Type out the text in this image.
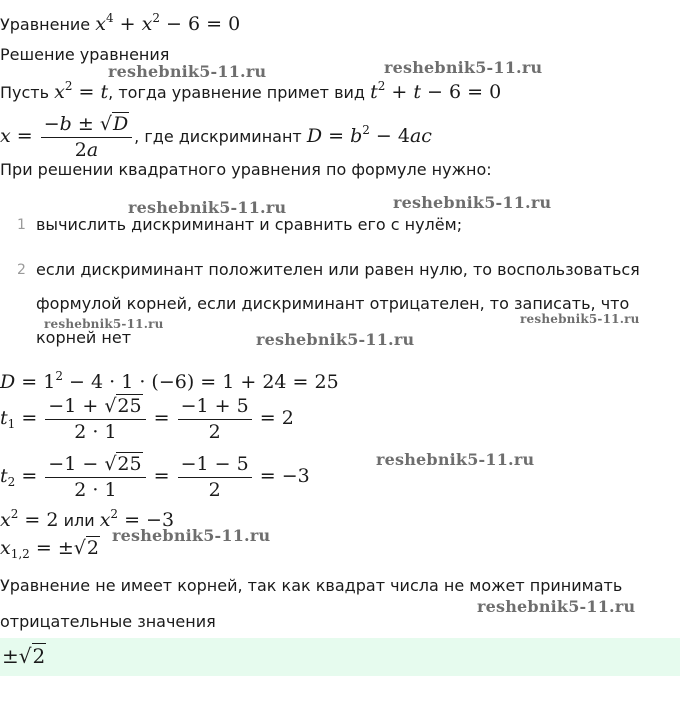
Уравнение $x^4 + x^2 - 6 = 0$
Решение уравнения
Пусть $x^2 = t$, тогда уравнение примет вид $t^2 + t - 6 = 0$
$x = \frac{-b \pm √D}{2a}$ , где дискриминант $D = b^2 - 4ac$
При решении квадратного уравнения по формуле нужно:
1 вычислить дискриминант и сравнить его с нулём;
2 если дискриминант положителен или равен нулю, то воспользоваться
формулой корней, если дискриминант отрицателен, то записать, что
корней нет
$D = 1^2 - 4 \cdot 1 \cdot (-6) = 1 + 24 = 25$
$t_1 = \frac{-1 + √25}{2 \cdot 1} = \frac{-1 + 5}{2} = 2$
$t_2 = \frac{-1 - √25}{2 \cdot 1} = \frac{-1 - 5}{2} = -3$
$x^2 = 2$ или $x^2 = -3$
$x_{1,2} = \pm√2$
Уравнение не имеет корней, так как квадрат числа не может принимать
отрицательные значения
±√2
reshebnik5-11.ru	reshebnik5-11.ru
reshebnik5-11.ru	reshebnik5-11.ru
reshebnik5-11.ru	reshebnik5-11.ru
reshebnik5-11.ru
reshebnik5-11.ru
reshebnik5-11.ru
reshebnik5-11.ru
